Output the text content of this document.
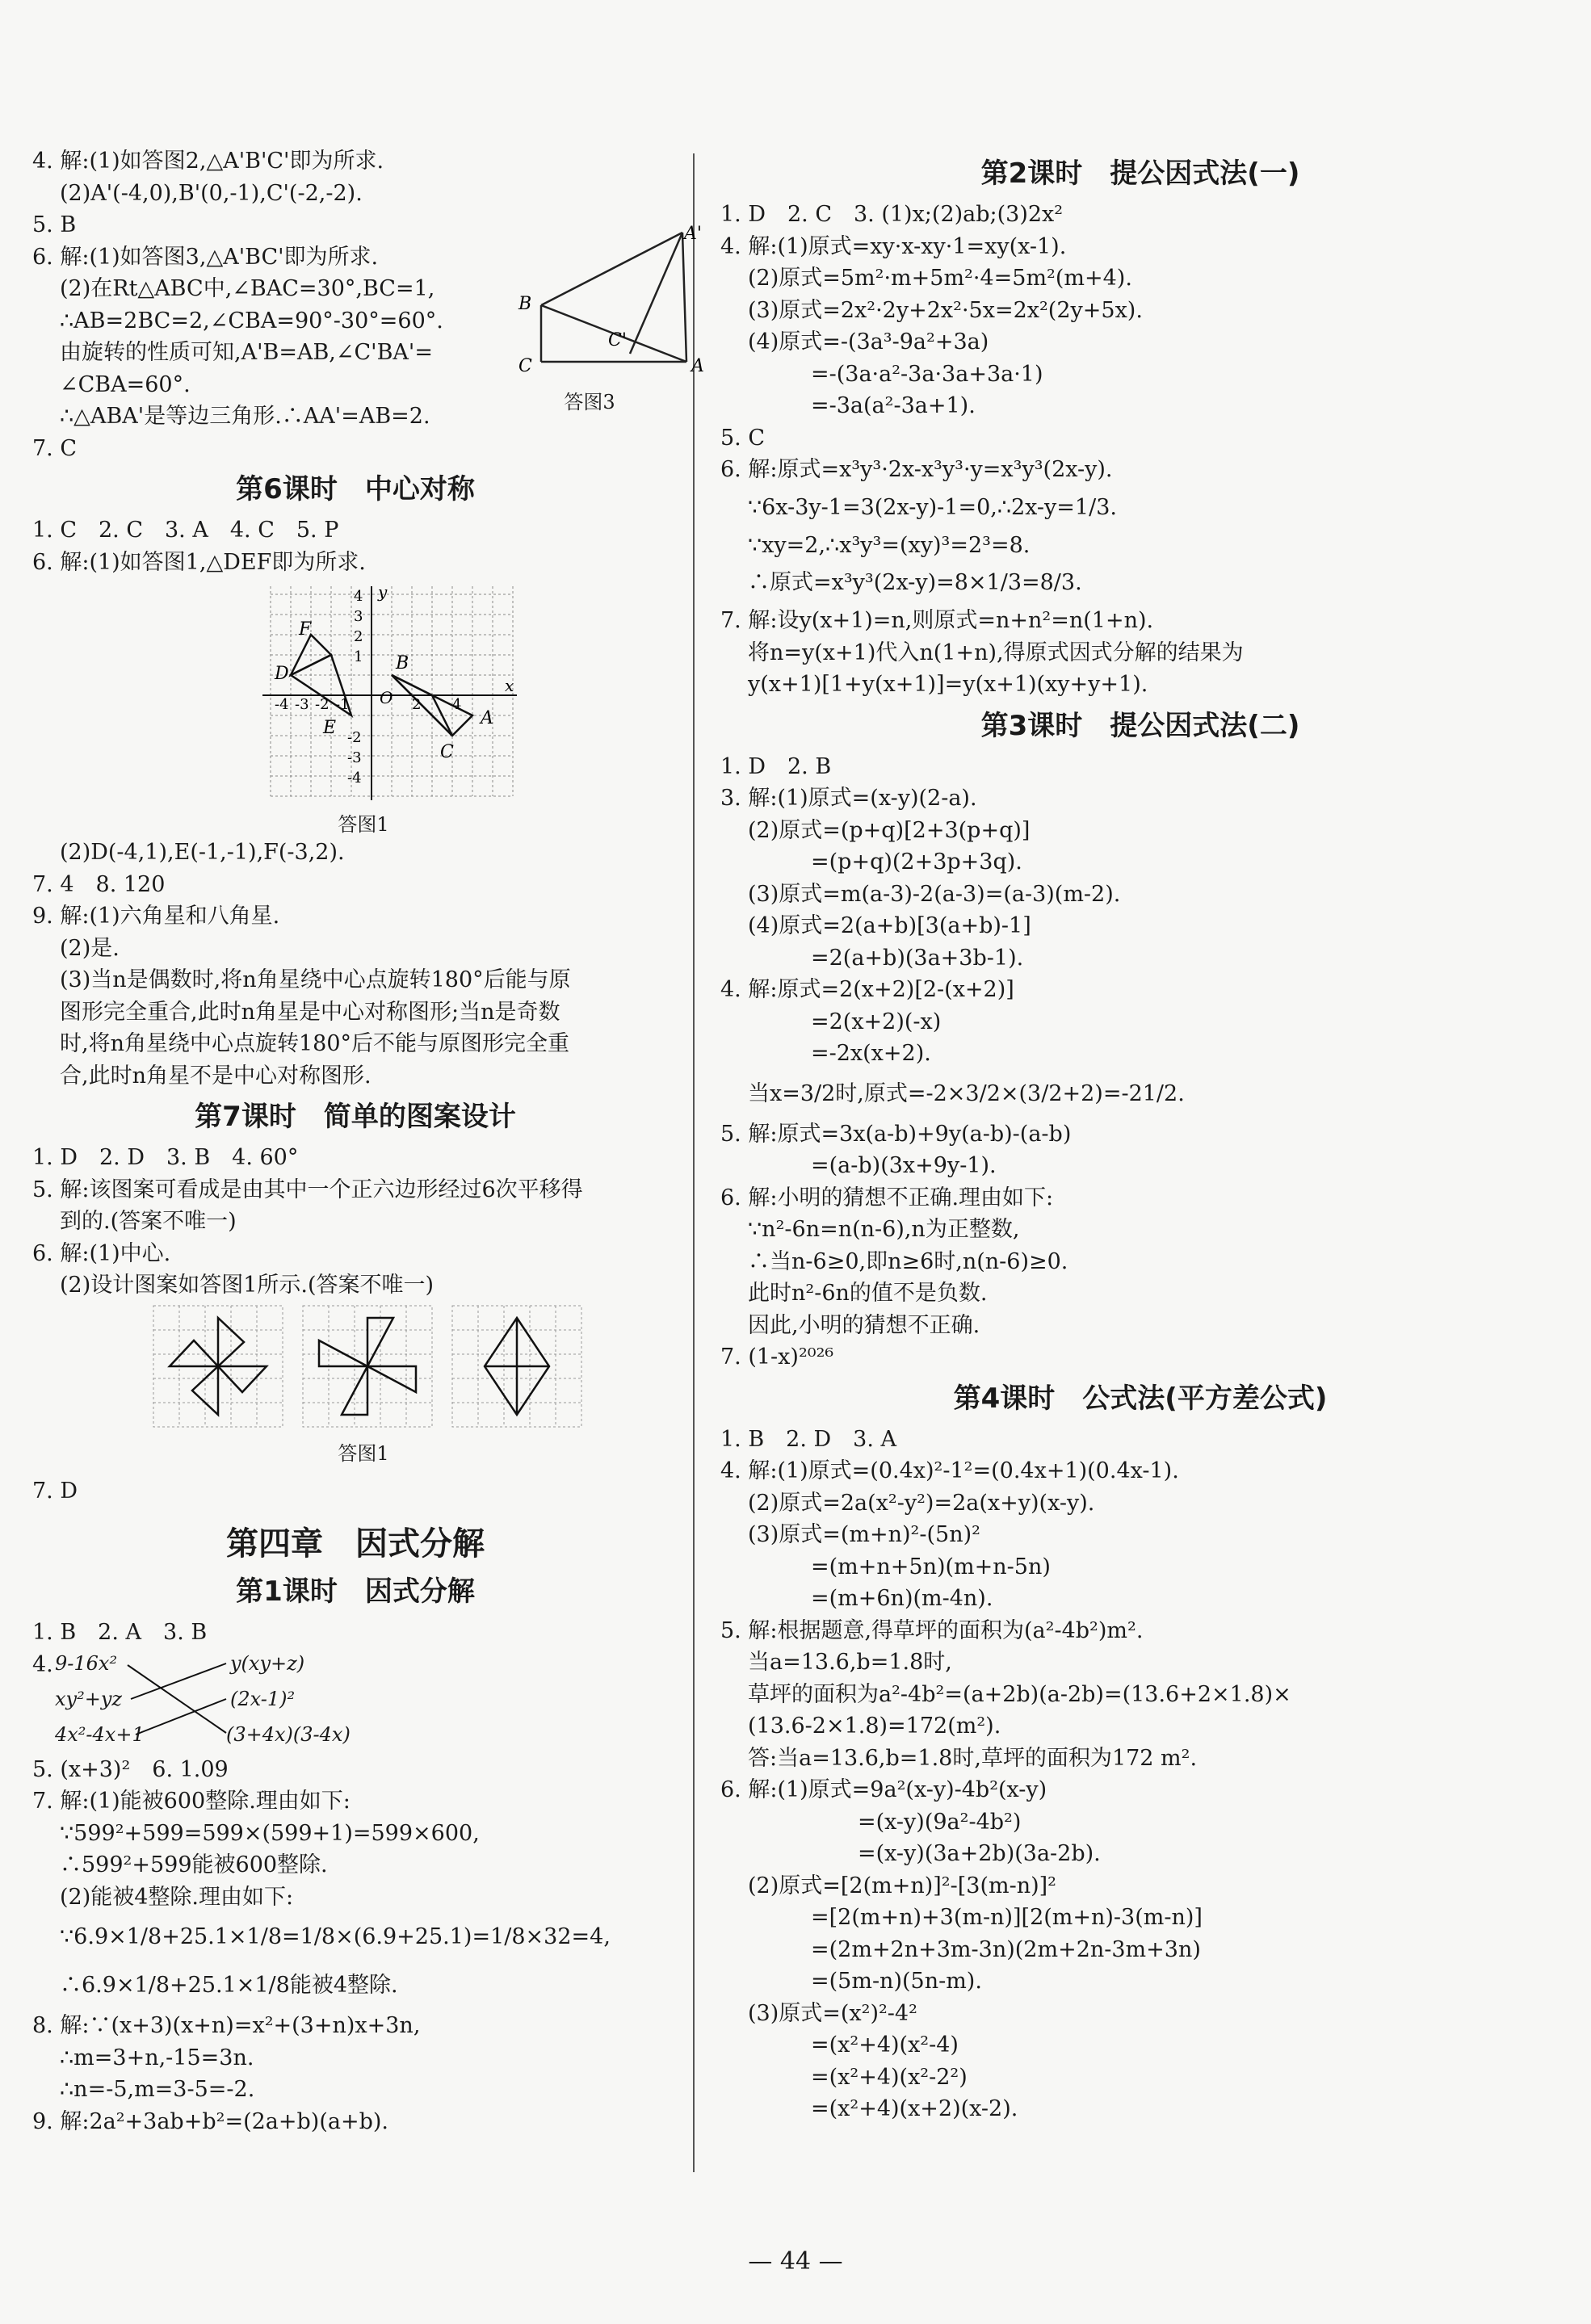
4. 解:(1)如答图2,△A'B'C'即为所求.
(2)A'(-4,0),B'(0,-1),C'(-2,-2).
5. B
6. 解:(1)如答图3,△A'BC'即为所求.
(2)在Rt△ABC中,∠BAC=30°,BC=1,
∴AB=2BC=2,∠CBA=90°-30°=60°.
由旋转的性质可知,A'B=AB,∠C'BA'=
∠CBA=60°.
∴△ABA'是等边三角形.∴AA'=AB=2.
7. C
A'
B
C
C'
A
答图3
第6课时　中心对称
1. C　2. C　3. A　4. C　5. P
6. 解:(1)如答图1,△DEF即为所求.
D
F
E
B
C
A
O
x
y
4
3
2
1
-2
-3
-4
-4 -3 -2 -1	2 4
答图1
(2)D(-4,1),E(-1,-1),F(-3,2).
7. 4　8. 120
9. 解:(1)六角星和八角星.
(2)是.
(3)当n是偶数时,将n角星绕中心点旋转180°后能与原
图形完全重合,此时n角星是中心对称图形;当n是奇数
时,将n角星绕中心点旋转180°后不能与原图形完全重
合,此时n角星不是中心对称图形.
第7课时　简单的图案设计
1. D　2. D　3. B　4. 60°
5. 解:该图案可看成是由其中一个正六边形经过6次平移得
到的.(答案不唯一)
6. 解:(1)中心.
(2)设计图案如答图1所示.(答案不唯一)
答图1
7. D
第四章　因式分解
第1课时　因式分解
1. B　2. A　3. B
4. 9-16x²
xy²+yz
4x²-4x+1
y(xy+z)
(2x-1)²
(3+4x)(3-4x)
5. (x+3)²　6. 1.09
7. 解:(1)能被600整除.理由如下:
∵599²+599=599×(599+1)=599×600,
∴599²+599能被600整除.
(2)能被4整除.理由如下:
∵6.9×1/8+25.1×1/8=1/8×(6.9+25.1)=1/8×32=4,
∴6.9×1/8+25.1×1/8能被4整除.
8. 解:∵(x+3)(x+n)=x²+(3+n)x+3n,
∴m=3+n,-15=3n.
∴n=-5,m=3-5=-2.
9. 解:2a²+3ab+b²=(2a+b)(a+b).
第2课时　提公因式法(一)
1. D　2. C　3. (1)x;(2)ab;(3)2x²
4. 解:(1)原式=xy·x-xy·1=xy(x-1).
(2)原式=5m²·m+5m²·4=5m²(m+4).
(3)原式=2x²·2y+2x²·5x=2x²(2y+5x).
(4)原式=-(3a³-9a²+3a)
=-(3a·a²-3a·3a+3a·1)
=-3a(a²-3a+1).
5. C
6. 解:原式=x³y³·2x-x³y³·y=x³y³(2x-y).
∵6x-3y-1=3(2x-y)-1=0,∴2x-y=1/3.
∵xy=2,∴x³y³=(xy)³=2³=8.
∴原式=x³y³(2x-y)=8×1/3=8/3.
7. 解:设y(x+1)=n,则原式=n+n²=n(1+n).
将n=y(x+1)代入n(1+n),得原式因式分解的结果为
y(x+1)[1+y(x+1)]=y(x+1)(xy+y+1).
第3课时　提公因式法(二)
1. D　2. B
3. 解:(1)原式=(x-y)(2-a).
(2)原式=(p+q)[2+3(p+q)]
=(p+q)(2+3p+3q).
(3)原式=m(a-3)-2(a-3)=(a-3)(m-2).
(4)原式=2(a+b)[3(a+b)-1]
=2(a+b)(3a+3b-1).
4. 解:原式=2(x+2)[2-(x+2)]
=2(x+2)(-x)
=-2x(x+2).
当x=3/2时,原式=-2×3/2×(3/2+2)=-21/2.
5. 解:原式=3x(a-b)+9y(a-b)-(a-b)
=(a-b)(3x+9y-1).
6. 解:小明的猜想不正确.理由如下:
∵n²-6n=n(n-6),n为正整数,
∴当n-6≥0,即n≥6时,n(n-6)≥0.
此时n²-6n的值不是负数.
因此,小明的猜想不正确.
7. (1-x)²⁰²⁶
第4课时　公式法(平方差公式)
1. B　2. D　3. A
4. 解:(1)原式=(0.4x)²-1²=(0.4x+1)(0.4x-1).
(2)原式=2a(x²-y²)=2a(x+y)(x-y).
(3)原式=(m+n)²-(5n)²
=(m+n+5n)(m+n-5n)
=(m+6n)(m-4n).
5. 解:根据题意,得草坪的面积为(a²-4b²)m².
当a=13.6,b=1.8时,
草坪的面积为a²-4b²=(a+2b)(a-2b)=(13.6+2×1.8)×
(13.6-2×1.8)=172(m²).
答:当a=13.6,b=1.8时,草坪的面积为172 m².
6. 解:(1)原式=9a²(x-y)-4b²(x-y)
=(x-y)(9a²-4b²)
=(x-y)(3a+2b)(3a-2b).
(2)原式=[2(m+n)]²-[3(m-n)]²
=[2(m+n)+3(m-n)][2(m+n)-3(m-n)]
=(2m+2n+3m-3n)(2m+2n-3m+3n)
=(5m-n)(5n-m).
(3)原式=(x²)²-4²
=(x²+4)(x²-4)
=(x²+4)(x²-2²)
=(x²+4)(x+2)(x-2).
— 44 —
